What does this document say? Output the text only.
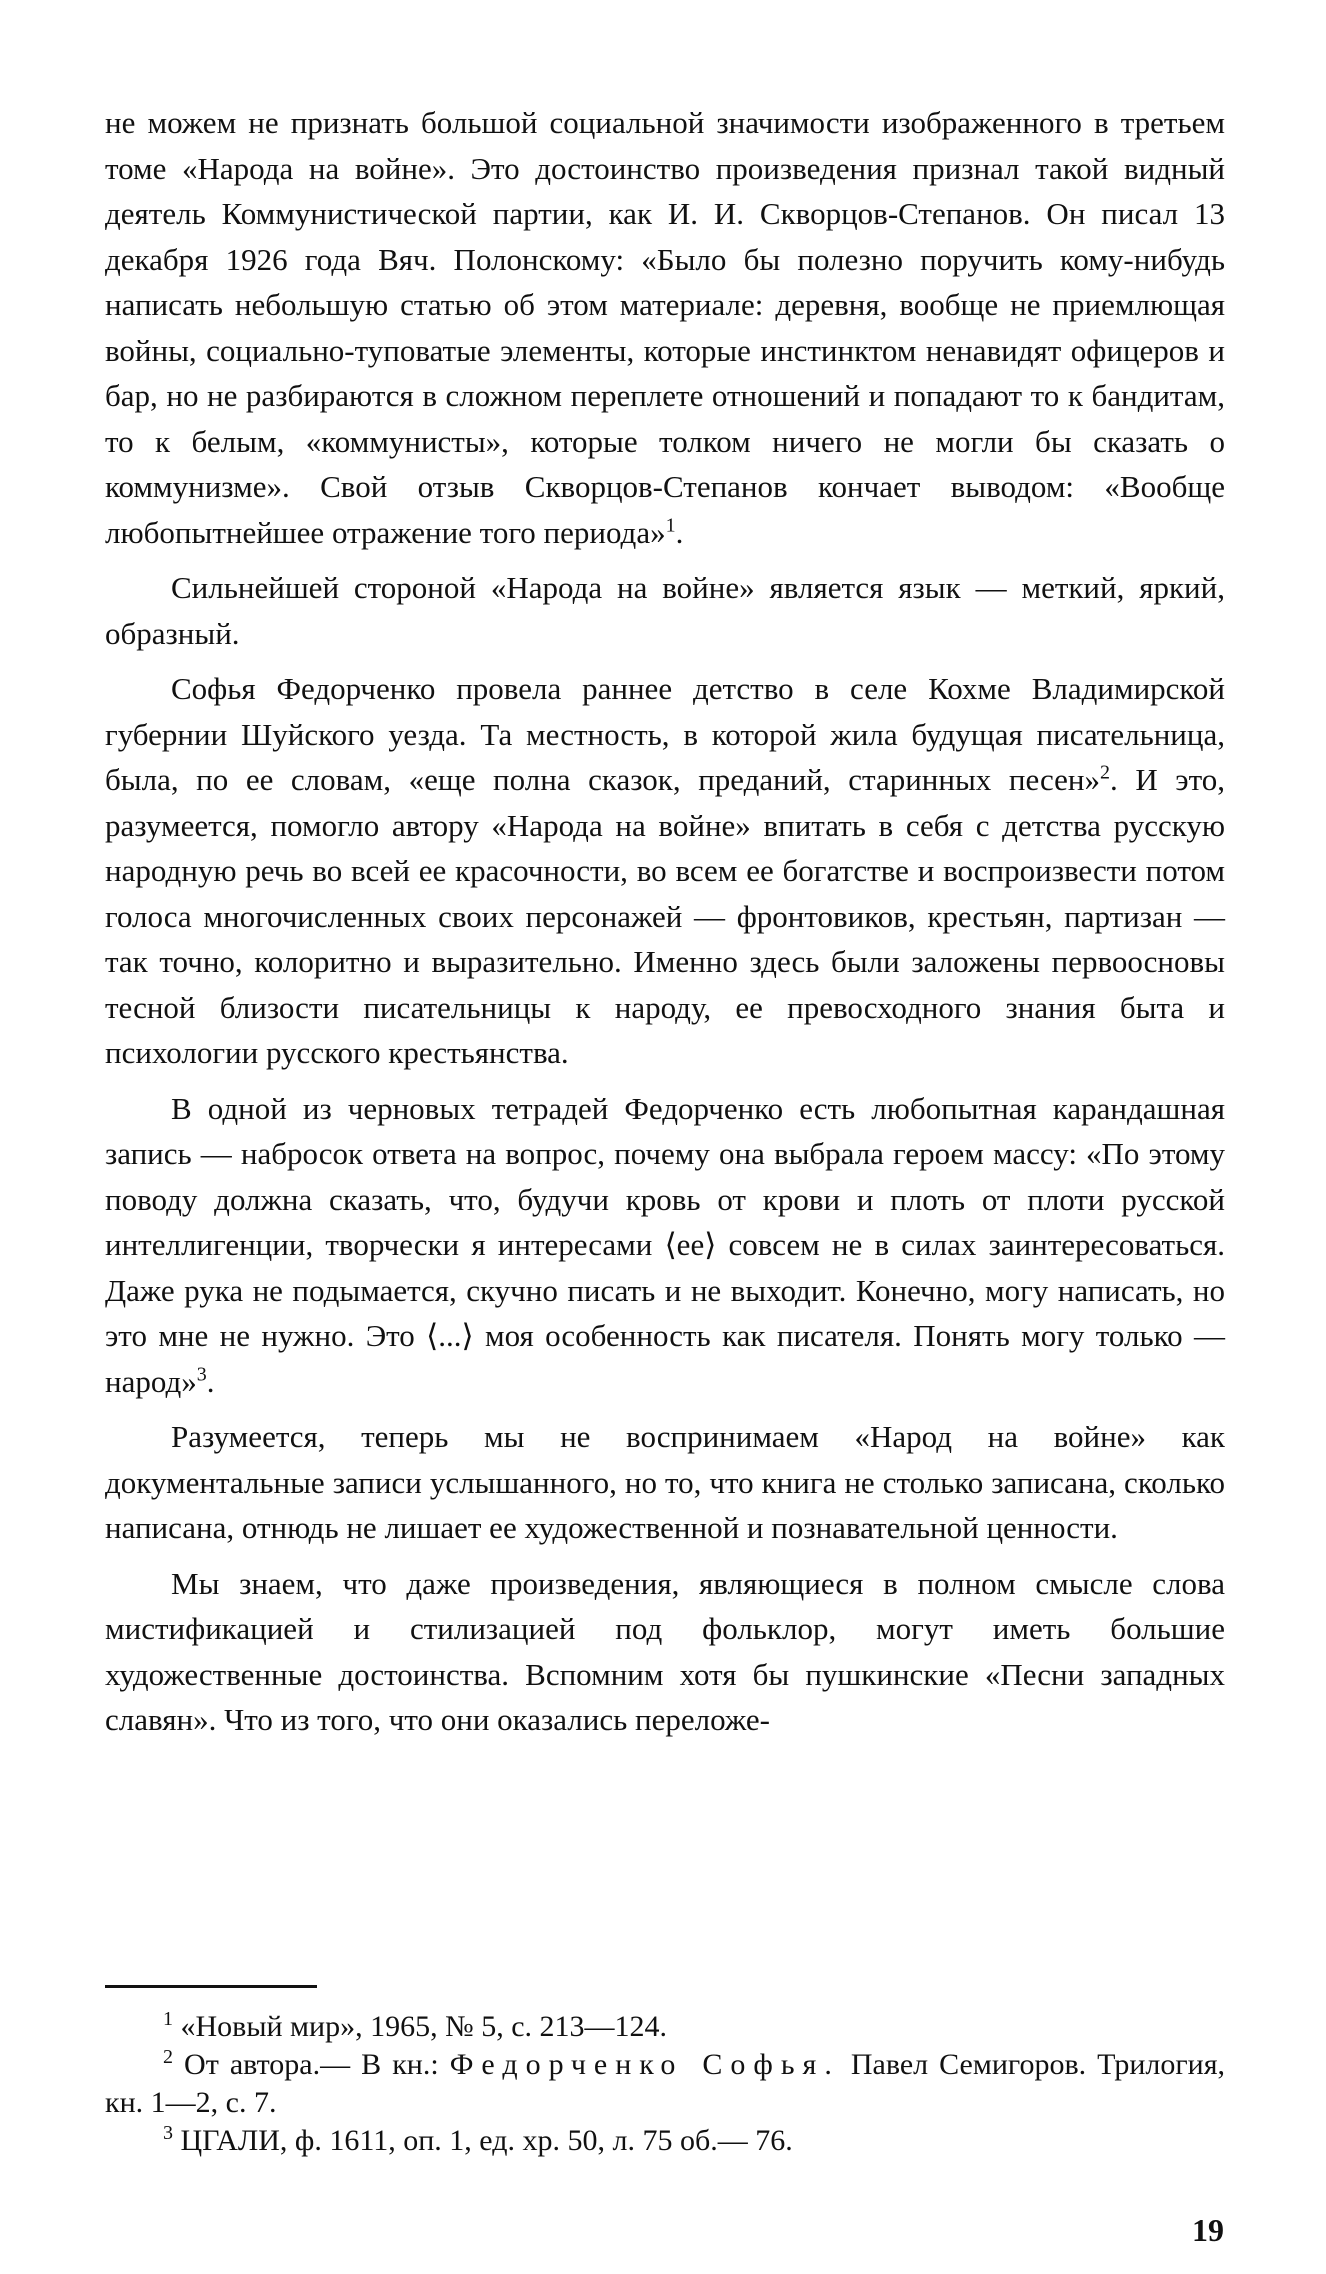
не можем не признать большой социальной значимости изображенного в третьем томе «Народа на войне». Это достоинство произведения признал такой видный деятель Коммунистической партии, как И. И. Скворцов-Степанов. Он писал 13 декабря 1926 года Вяч. Полонскому: «Было бы полезно поручить кому-нибудь написать небольшую статью об этом материале: деревня, вообще не приемлющая войны, социально-туповатые элементы, которые инстинктом ненавидят офицеров и бар, но не разбираются в сложном переплете отношений и попадают то к бандитам, то к белым, «коммунисты», которые толком ничего не могли бы сказать о коммунизме». Свой отзыв Скворцов-Степанов кончает выводом: «Вообще любопытнейшее отражение того периода»$^1$.

Сильнейшей стороной «Народа на войне» является язык — меткий, яркий, образный.

Софья Федорченко провела раннее детство в селе Кохме Владимирской губернии Шуйского уезда. Та местность, в которой жила будущая писательница, была, по ее словам, «еще полна сказок, преданий, старинных песен»$^2$. И это, разумеется, помогло автору «Народа на войне» впитать в себя с детства русскую народную речь во всей ее красочности, во всем ее богатстве и воспроизвести потом голоса многочисленных своих персонажей — фронтовиков, крестьян, партизан — так точно, колоритно и выразительно. Именно здесь были заложены первоосновы тесной близости писательницы к народу, ее превосходного знания быта и психологии русского крестьянства.

В одной из черновых тетрадей Федорченко есть любопытная карандашная запись — набросок ответа на вопрос, почему она выбрала героем массу: «По этому поводу должна сказать, что, будучи кровь от крови и плоть от плоти русской интеллигенции, творчески я интересами ⟨ее⟩ совсем не в силах заинтересоваться. Даже рука не подымается, скучно писать и не выходит. Конечно, могу написать, но это мне не нужно. Это ⟨...⟩ моя особенность как писателя. Понять могу только — народ»$^3$.

Разумеется, теперь мы не воспринимаем «Народ на войне» как документальные записи услышанного, но то, что книга не столько записана, сколько написана, отнюдь не лишает ее художественной и познавательной ценности.

Мы знаем, что даже произведения, являющиеся в полном смысле слова мистификацией и стилизацией под фольклор, могут иметь большие художественные достоинства. Вспомним хотя бы пушкинские «Песни западных славян». Что из того, что они оказались переложе-

$^1$ «Новый мир», 1965, № 5, с. 213—124.

$^2$ От автора.— В кн.: Федорченко Софья. Павел Семигоров. Трилогия, кн. 1—2, с. 7.

$^3$ ЦГАЛИ, ф. 1611, оп. 1, ед. хр. 50, л. 75 об.— 76.

19
